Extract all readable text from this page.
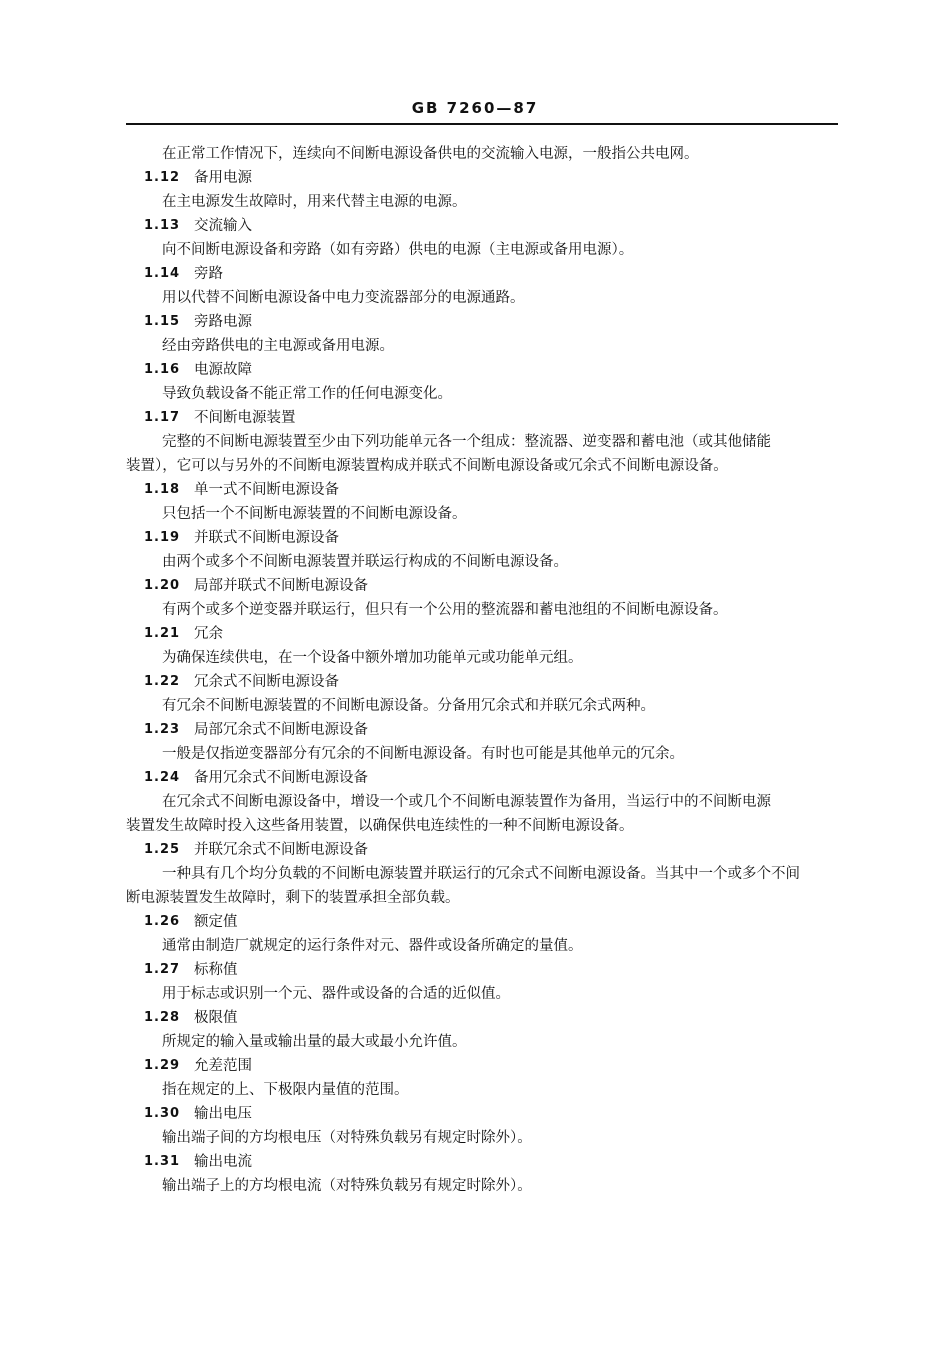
GB 7260—87
在正常工作情况下，连续向不间断电源设备供电的交流输入电源，一般指公共电网。
1.12 备用电源
在主电源发生故障时，用来代替主电源的电源。
1.13 交流输入
向不间断电源设备和旁路（如有旁路）供电的电源（主电源或备用电源）。
1.14 旁路
用以代替不间断电源设备中电力变流器部分的电源通路。
1.15 旁路电源
经由旁路供电的主电源或备用电源。
1.16 电源故障
导致负载设备不能正常工作的任何电源变化。
1.17 不间断电源装置
完整的不间断电源装置至少由下列功能单元各一个组成：整流器、逆变器和蓄电池（或其他储能
装置），它可以与另外的不间断电源装置构成并联式不间断电源设备或冗余式不间断电源设备。
1.18 单一式不间断电源设备
只包括一个不间断电源装置的不间断电源设备。
1.19 并联式不间断电源设备
由两个或多个不间断电源装置并联运行构成的不间断电源设备。
1.20 局部并联式不间断电源设备
有两个或多个逆变器并联运行，但只有一个公用的整流器和蓄电池组的不间断电源设备。
1.21 冗余
为确保连续供电，在一个设备中额外增加功能单元或功能单元组。
1.22 冗余式不间断电源设备
有冗余不间断电源装置的不间断电源设备。分备用冗余式和并联冗余式两种。
1.23 局部冗余式不间断电源设备
一般是仅指逆变器部分有冗余的不间断电源设备。有时也可能是其他单元的冗余。
1.24 备用冗余式不间断电源设备
在冗余式不间断电源设备中，增设一个或几个不间断电源装置作为备用，当运行中的不间断电源
装置发生故障时投入这些备用装置，以确保供电连续性的一种不间断电源设备。
1.25 并联冗余式不间断电源设备
一种具有几个均分负载的不间断电源装置并联运行的冗余式不间断电源设备。当其中一个或多个不间
断电源装置发生故障时，剩下的装置承担全部负载。
1.26 额定值
通常由制造厂就规定的运行条件对元、器件或设备所确定的量值。
1.27 标称值
用于标志或识别一个元、器件或设备的合适的近似值。
1.28 极限值
所规定的输入量或输出量的最大或最小允许值。
1.29 允差范围
指在规定的上、下极限内量值的范围。
1.30 输出电压
输出端子间的方均根电压（对特殊负载另有规定时除外）。
1.31 输出电流
输出端子上的方均根电流（对特殊负载另有规定时除外）。
